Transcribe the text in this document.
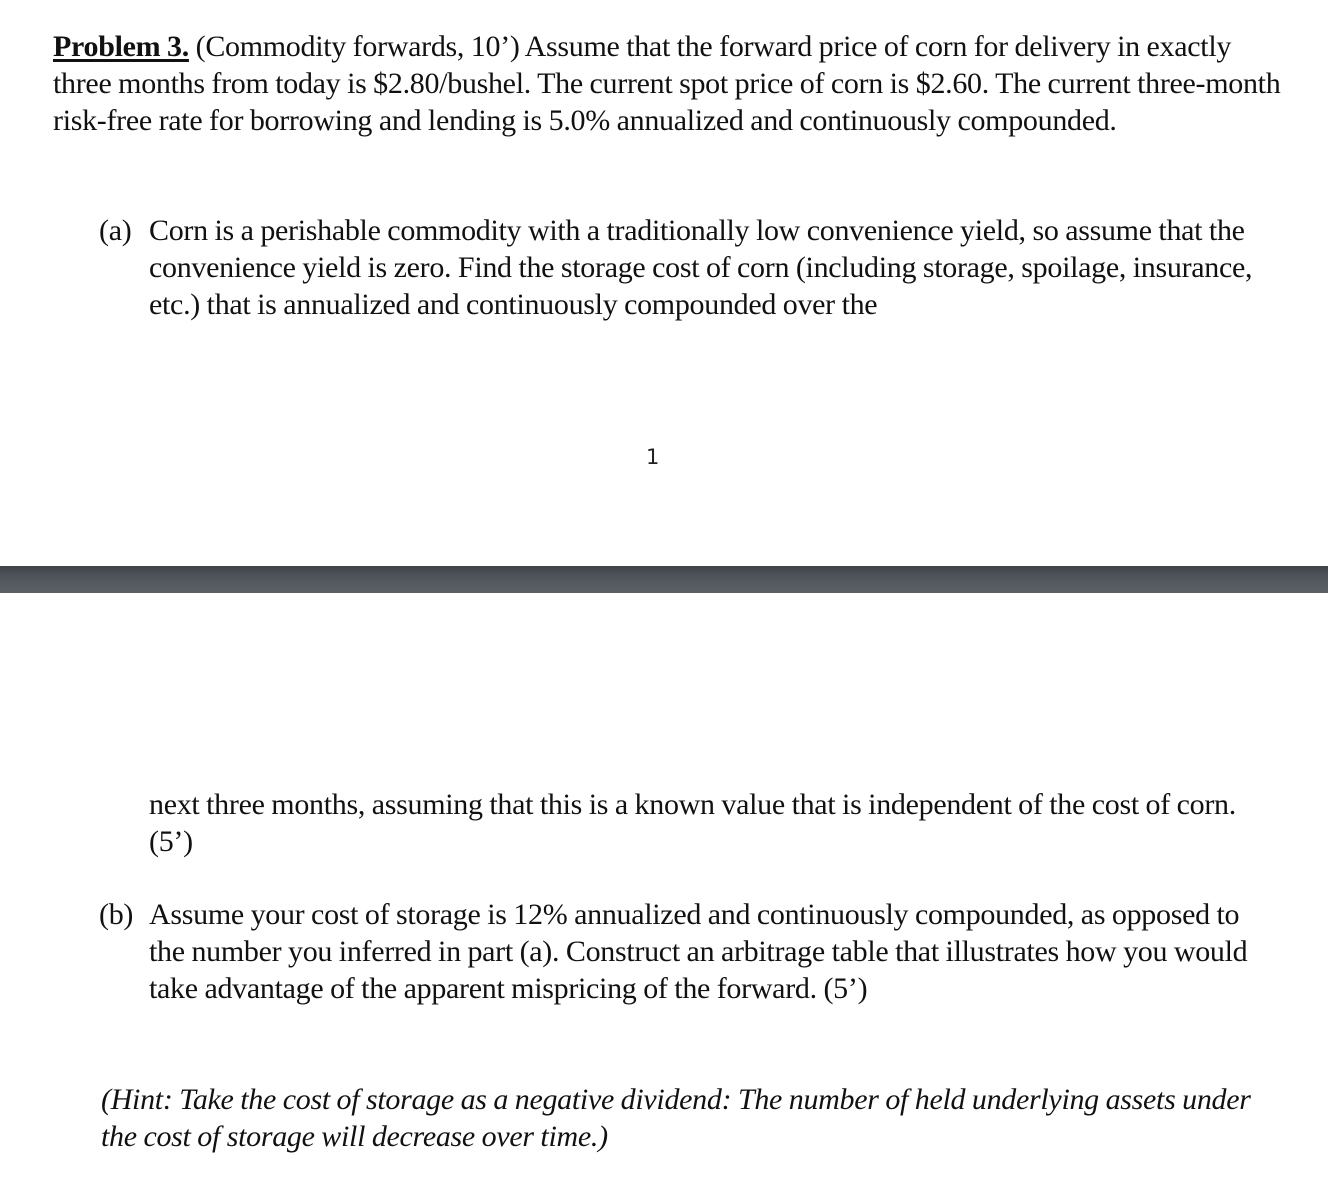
Problem 3. (Commodity forwards, 10’) Assume that the forward price of corn for delivery in exactly three months from today is $2.80/bushel. The current spot price of corn is $2.60. The current three-month risk-free rate for borrowing and lending is 5.0% annualized and continuously compounded.
(a) Corn is a perishable commodity with a traditionally low convenience yield, so assume that the convenience yield is zero. Find the storage cost of corn (including storage, spoilage, insurance, etc.) that is annualized and continuously compounded over the
1
next three months, assuming that this is a known value that is independent of the cost of corn. (5’)
(b) Assume your cost of storage is 12% annualized and continuously compounded, as opposed to the number you inferred in part (a). Construct an arbitrage table that illustrates how you would take advantage of the apparent mispricing of the forward. (5’)
(Hint: Take the cost of storage as a negative dividend: The number of held underlying assets under the cost of storage will decrease over time.)
